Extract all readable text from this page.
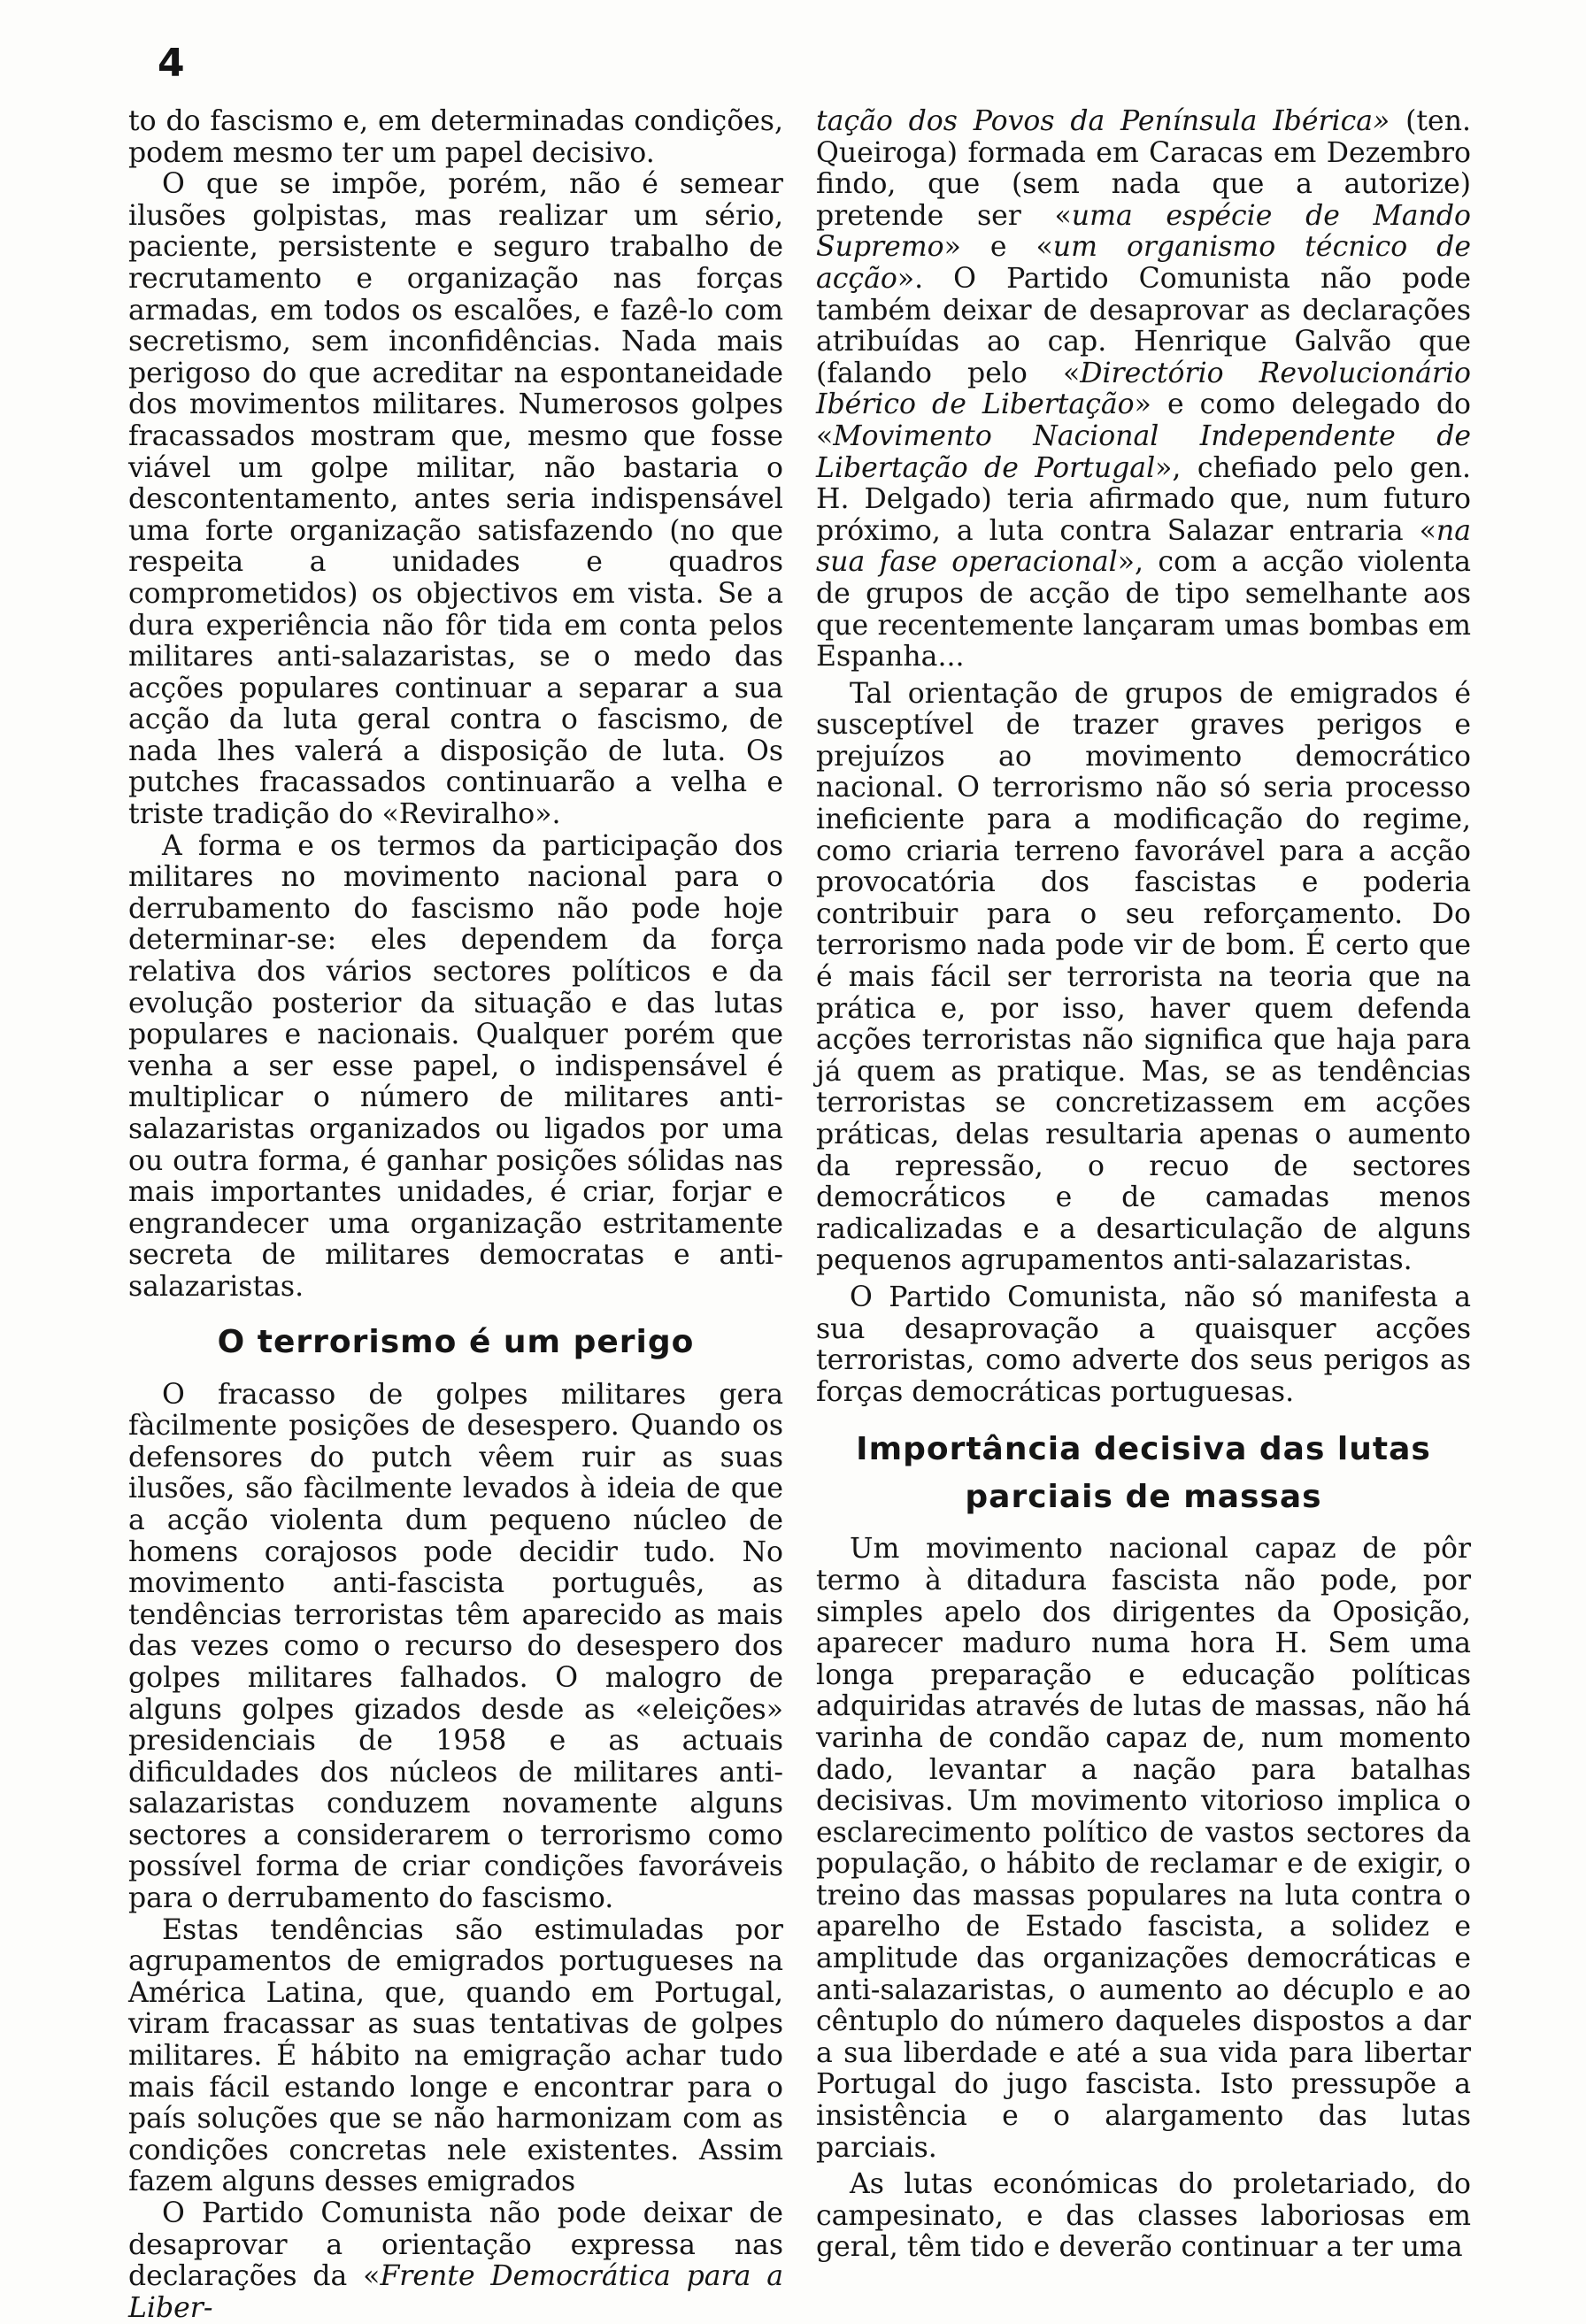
4

to do fascismo e, em determinadas condições, podem mesmo ter um papel decisivo.

O que se impõe, porém, não é semear ilusões golpistas, mas realizar um sério, paciente, persistente e seguro trabalho de recrutamento e organização nas forças armadas, em todos os escalões, e fazê-lo com secretismo, sem inconfidências. Nada mais perigoso do que acreditar na espontaneidade dos movimentos militares. Numerosos golpes fracassados mostram que, mesmo que fosse viável um golpe militar, não bastaria o descontentamento, antes seria indispensável uma forte organização satisfazendo (no que respeita a unidades e quadros comprometidos) os objectivos em vista. Se a dura experiência não fôr tida em conta pelos militares anti-salazaristas, se o medo das acções populares continuar a separar a sua acção da luta geral contra o fascismo, de nada lhes valerá a disposição de luta. Os putches fracassados continuarão a velha e triste tradição do «Reviralho».

A forma e os termos da participação dos militares no movimento nacional para o derrubamento do fascismo não pode hoje determinar-se: eles dependem da força relativa dos vários sectores políticos e da evolução posterior da situação e das lutas populares e nacionais. Qualquer porém que venha a ser esse papel, o indispensável é multiplicar o número de militares anti-salazaristas organizados ou ligados por uma ou outra forma, é ganhar posições sólidas nas mais importantes unidades, é criar, forjar e engrandecer uma organização estritamente secreta de militares democratas e anti-salazaristas.

O terrorismo é um perigo

O fracasso de golpes militares gera fàcilmente posições de desespero. Quando os defensores do putch vêem ruir as suas ilusões, são fàcilmente levados à ideia de que a acção violenta dum pequeno núcleo de homens corajosos pode decidir tudo. No movimento anti-fascista português, as tendências terroristas têm aparecido as mais das vezes como o recurso do desespero dos golpes militares falhados. O malogro de alguns golpes gizados desde as «eleições» presidenciais de 1958 e as actuais dificuldades dos núcleos de militares anti-salazaristas conduzem novamente alguns sectores a considerarem o terrorismo como possível forma de criar condições favoráveis para o derrubamento do fascismo.

Estas tendências são estimuladas por agrupamentos de emigrados portugueses na América Latina, que, quando em Portugal, viram fracassar as suas tentativas de golpes militares. É hábito na emigração achar tudo mais fácil estando longe e encontrar para o país soluções que se não harmonizam com as condições concretas nele existentes. Assim fazem alguns desses emigrados

O Partido Comunista não pode deixar de desaprovar a orientação expressa nas declarações da «Frente Democrática para a Liber-

tação dos Povos da Península Ibérica» (ten. Queiroga) formada em Caracas em Dezembro findo, que (sem nada que a autorize) pretende ser «uma espécie de Mando Supremo» e «um organismo técnico de acção». O Partido Comunista não pode também deixar de desaprovar as declarações atribuídas ao cap. Henrique Galvão que (falando pelo «Directório Revolucionário Ibérico de Libertação» e como delegado do «Movimento Nacional Independente de Libertação de Portugal», chefiado pelo gen. H. Delgado) teria afirmado que, num futuro próximo, a luta contra Salazar entraria «na sua fase operacional», com a acção violenta de grupos de acção de tipo semelhante aos que recentemente lançaram umas bombas em Espanha...

Tal orientação de grupos de emigrados é susceptível de trazer graves perigos e prejuízos ao movimento democrático nacional. O terrorismo não só seria processo ineficiente para a modificação do regime, como criaria terreno favorável para a acção provocatória dos fascistas e poderia contribuir para o seu reforçamento. Do terrorismo nada pode vir de bom. É certo que é mais fácil ser terrorista na teoria que na prática e, por isso, haver quem defenda acções terroristas não significa que haja para já quem as pratique. Mas, se as tendências terroristas se concretizassem em acções práticas, delas resultaria apenas o aumento da repressão, o recuo de sectores democráticos e de camadas menos radicalizadas e a desarticulação de alguns pequenos agrupamentos anti-salazaristas.

O Partido Comunista, não só manifesta a sua desaprovação a quaisquer acções terroristas, como adverte dos seus perigos as forças democráticas portuguesas.

Importância decisiva das lutas
parciais de massas

Um movimento nacional capaz de pôr termo à ditadura fascista não pode, por simples apelo dos dirigentes da Oposição, aparecer maduro numa hora H. Sem uma longa preparação e educação políticas adquiridas através de lutas de massas, não há varinha de condão capaz de, num momento dado, levantar a nação para batalhas decisivas. Um movimento vitorioso implica o esclarecimento político de vastos sectores da população, o hábito de reclamar e de exigir, o treino das massas populares na luta contra o aparelho de Estado fascista, a solidez e amplitude das organizações democráticas e anti-salazaristas, o aumento ao décuplo e ao cêntuplo do número daqueles dispostos a dar a sua liberdade e até a sua vida para libertar Portugal do jugo fascista. Isto pressupõe a insistência e o alargamento das lutas parciais.

As lutas económicas do proletariado, do campesinato, e das classes laboriosas em geral, têm tido e deverão continuar a ter uma
